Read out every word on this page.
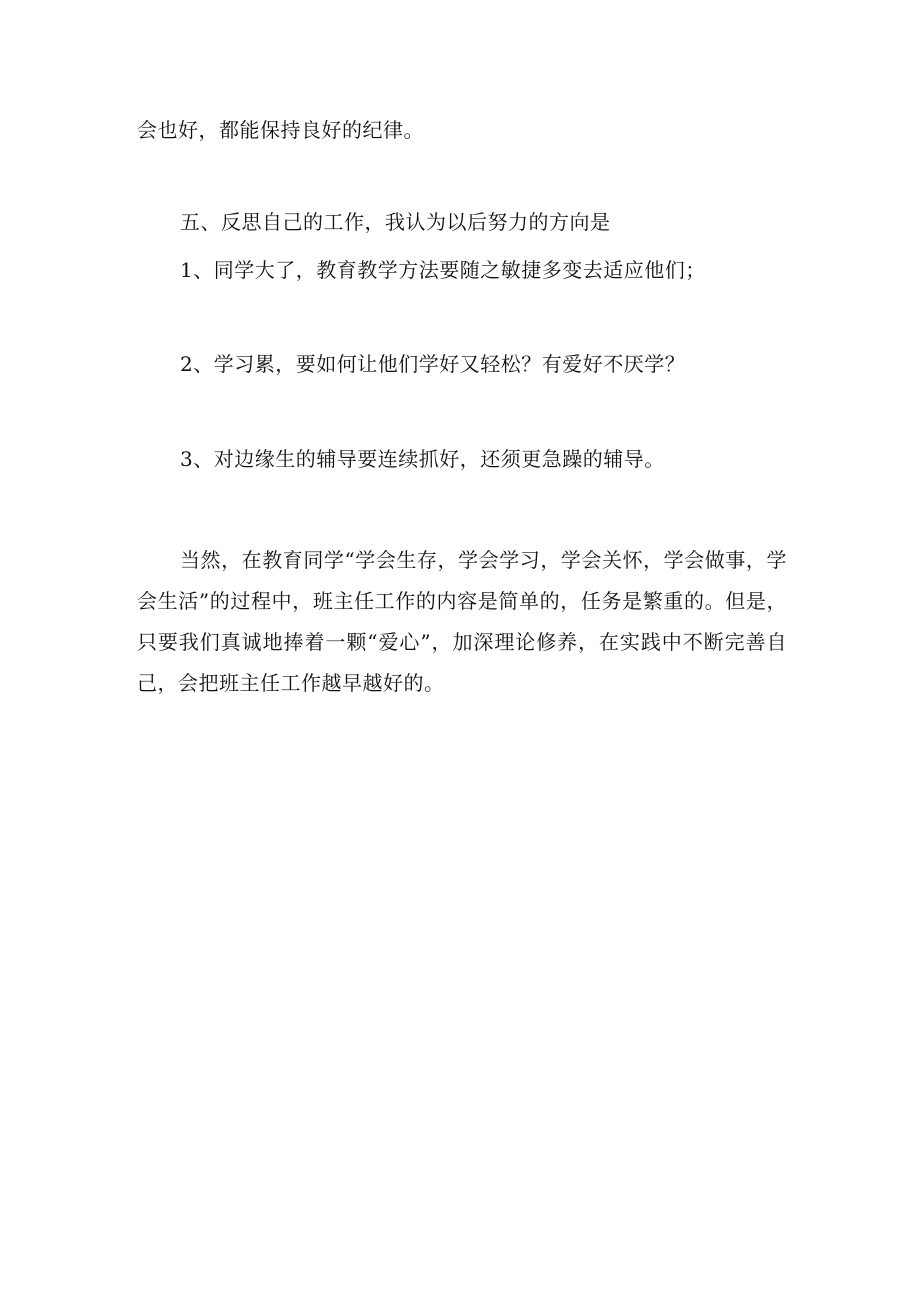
会也好，都能保持良好的纪律。
五、反思自己的工作，我认为以后努力的方向是
1、同学大了，教育教学方法要随之敏捷多变去适应他们；
2、学习累，要如何让他们学好又轻松？有爱好不厌学？
3、对边缘生的辅导要连续抓好，还须更急躁的辅导。
当然，在教育同学“学会生存，学会学习，学会关怀，学会做事，学会生活”的过程中，班主任工作的内容是简单的，任务是繁重的。但是，只要我们真诚地捧着一颗“爱心”，加深理论修养，在实践中不断完善自己，会把班主任工作越早越好的。
